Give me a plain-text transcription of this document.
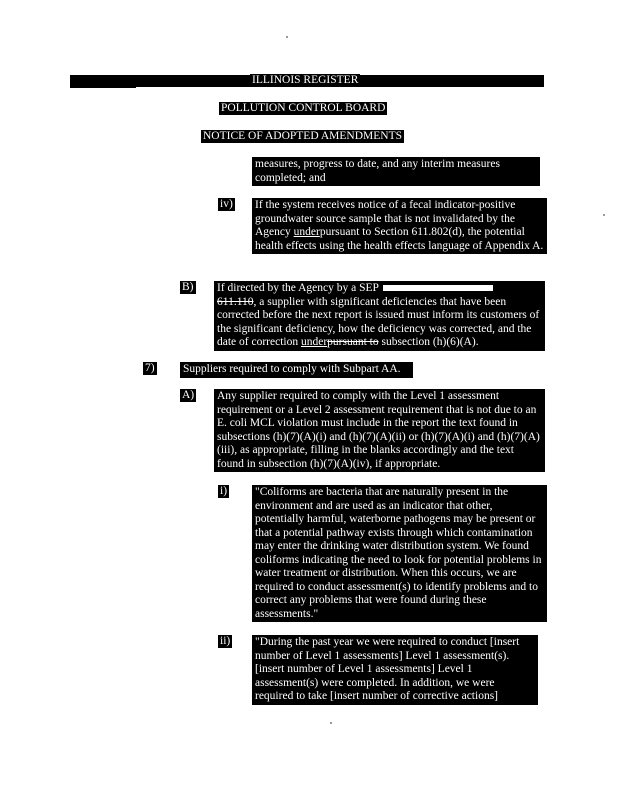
ILLINOIS REGISTER
POLLUTION CONTROL BOARD
NOTICE OF ADOPTED AMENDMENTS

measures, progress to date, and any interim measures completed; and

iv) If the system receives notice of a fecal indicator-positive groundwater source sample that is not invalidated by the Agency underpursuant to Section 611.802(d), the potential health effects using the health effects language of Appendix A.

B) If directed by the Agency by a SEP
611.110, a supplier with significant deficiencies that have been corrected before the next report is issued must inform its customers of the significant deficiency, how the deficiency was corrected, and the date of correction underpursuant to subsection (h)(6)(A).

7) Suppliers required to comply with Subpart AA.

A) Any supplier required to comply with the Level 1 assessment requirement or a Level 2 assessment requirement that is not due to an E. coli MCL violation must include in the report the text found in subsections (h)(7)(A)(i) and (h)(7)(A)(ii) or (h)(7)(A)(i) and (h)(7)(A)(iii), as appropriate, filling in the blanks accordingly and the text found in subsection (h)(7)(A)(iv), if appropriate.

i) "Coliforms are bacteria that are naturally present in the environment and are used as an indicator that other, potentially harmful, waterborne pathogens may be present or that a potential pathway exists through which contamination may enter the drinking water distribution system. We found coliforms indicating the need to look for potential problems in water treatment or distribution. When this occurs, we are required to conduct assessment(s) to identify problems and to correct any problems that were found during these assessments."

ii) "During the past year we were required to conduct [insert number of Level 1 assessments] Level 1 assessment(s). [insert number of Level 1 assessments] Level 1 assessment(s) were completed. In addition, we were required to take [insert number of corrective actions]
